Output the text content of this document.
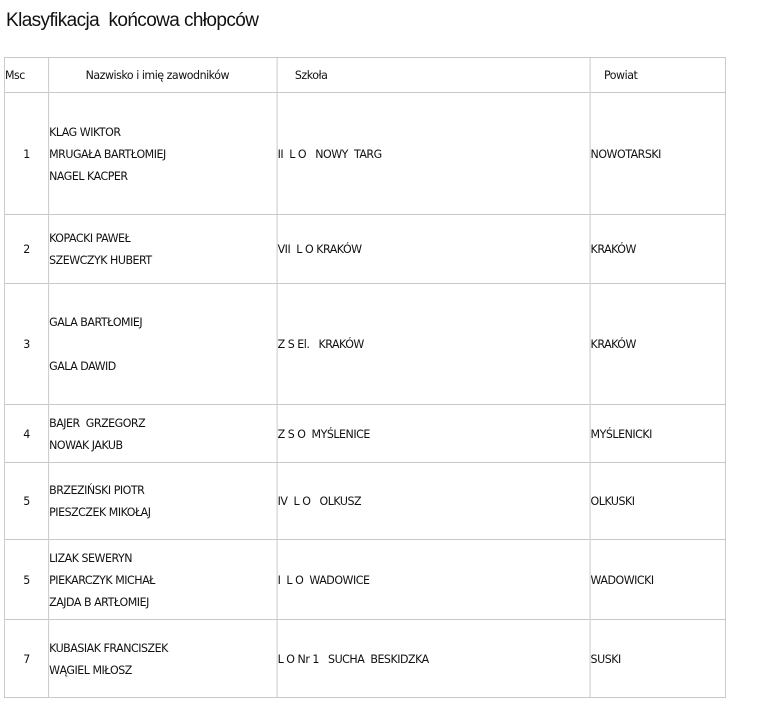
Klasyfikacja  końcowa chłopców
Msc	Nazwisko i imię zawodników	Szkoła	Powiat
1	KLAG WIKTOR
MRUGAŁA BARTŁOMIEJ
NAGEL KACPER	II  L O   NOWY  TARG	NOWOTARSKI
2	KOPACKI PAWEŁ
SZEWCZYK HUBERT	VII  L O KRAKÓW	KRAKÓW
3	GALA BARTŁOMIEJ
GALA DAWID	Z S El.   KRAKÓW	KRAKÓW
4	BAJER  GRZEGORZ
NOWAK JAKUB	Z S O  MYŚLENICE	MYŚLENICKI
5	BRZEZIŃSKI PIOTR
PIESZCZEK MIKOŁAJ	IV  L O   OLKUSZ	OLKUSKI
5	LIZAK SEWERYN
PIEKARCZYK MICHAŁ
ZAJDA B ARTŁOMIEJ	I  L O  WADOWICE	WADOWICKI
7	KUBASIAK FRANCISZEK
WĄGIEL MIŁOSZ	L O Nr 1   SUCHA  BESKIDZKA	SUSKI
